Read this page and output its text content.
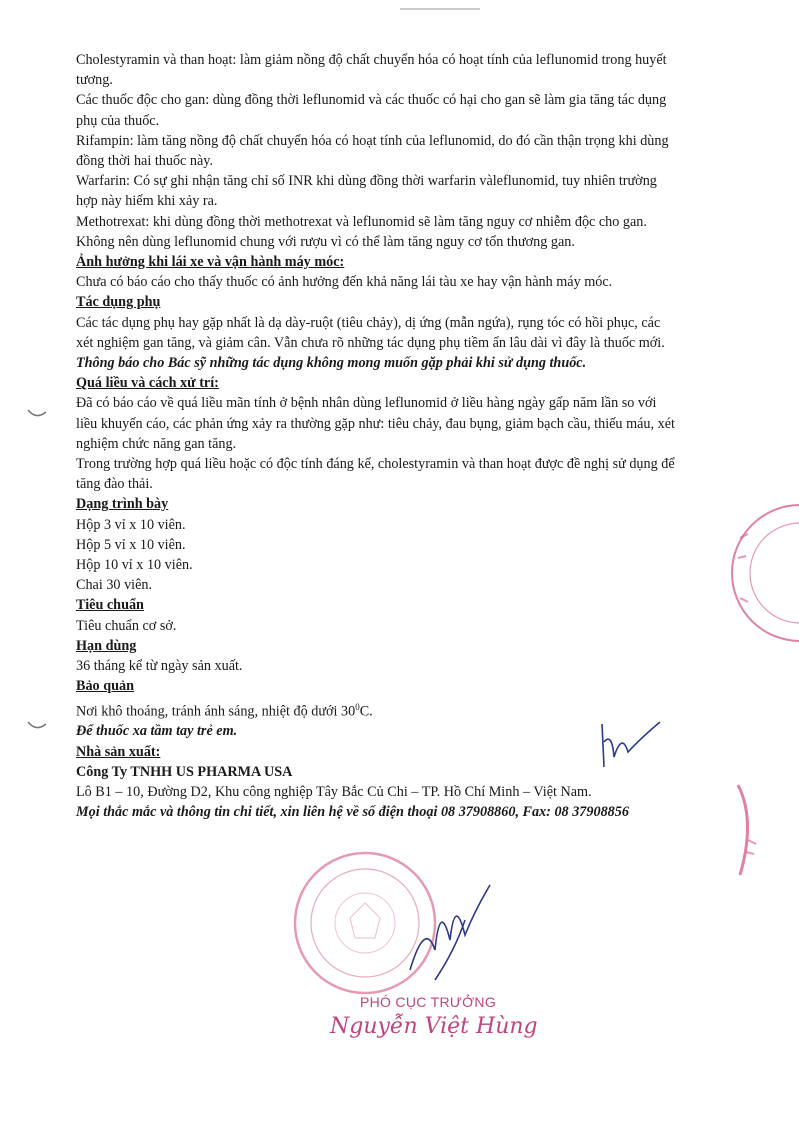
Cholestyramin và than hoạt: làm giảm nồng độ chất chuyển hóa có hoạt tính của leflunomid trong huyết tương.

Các thuốc độc cho gan: dùng đồng thời leflunomid và các thuốc có hại cho gan sẽ làm gia tăng tác dụng phụ của thuốc.

Rifampin: làm tăng nồng độ chất chuyển hóa có hoạt tính của leflunomid, do đó cần thận trọng khi dùng đồng thời hai thuốc này.

Warfarin: Có sự ghi nhận tăng chỉ số INR khi dùng đồng thời warfarin vàleflunomid, tuy nhiên trường hợp này hiếm khi xảy ra.

Methotrexat: khi dùng đồng thời methotrexat và leflunomid sẽ làm tăng nguy cơ nhiễm độc cho gan.

Không nên dùng leflunomid chung với rượu vì có thể làm tăng nguy cơ tổn thương gan.

Ảnh hưởng khi lái xe và vận hành máy móc:

Chưa có báo cáo cho thấy thuốc có ảnh hưởng đến khả năng lái tàu xe hay vận hành máy móc.

Tác dụng phụ

Các tác dụng phụ hay gặp nhất là dạ dày-ruột (tiêu chảy), dị ứng (mẫn ngứa), rụng tóc có hồi phục, các xét nghiệm gan tăng, và giảm cân. Vẫn chưa rõ những tác dụng phụ tiềm ẩn lâu dài vì đây là thuốc mới.

Thông báo cho Bác sỹ những tác dụng không mong muốn gặp phải khi sử dụng thuốc.

Quá liều và cách xử trí:

Đã có báo cáo về quá liều mãn tính ở bệnh nhân dùng leflunomid ở liều hàng ngày gấp năm lần so với liều khuyến cáo, các phản ứng xảy ra thường gặp như: tiêu chảy, đau bụng, giảm bạch cầu, thiếu máu, xét nghiệm chức năng gan tăng.

Trong trường hợp quá liều hoặc có độc tính đáng kể, cholestyramin và than hoạt được đề nghị sử dụng để tăng đào thải.

Dạng trình bày

Hộp 3 vỉ x 10 viên.

Hộp 5 vỉ x 10 viên.

Hộp 10 vỉ x 10 viên.

Chai 30 viên.

Tiêu chuẩn

Tiêu chuẩn cơ sở.

Hạn dùng

36 tháng kể từ ngày sản xuất.

Bảo quản

Nơi khô thoáng, tránh ánh sáng, nhiệt độ dưới $30^0C$.

Để thuốc xa tầm tay trẻ em.

Nhà sản xuất:

Công Ty TNHH US PHARMA USA

Lô B1 – 10, Đường D2, Khu công nghiệp Tây Bắc Củ Chi – TP. Hồ Chí Minh – Việt Nam.

Mọi thắc mắc và thông tin chi tiết, xin liên hệ về số điện thoại 08 37908860, Fax: 08 37908856

PHÓ CỤC TRƯỞNG
Nguyễn Việt Hùng
